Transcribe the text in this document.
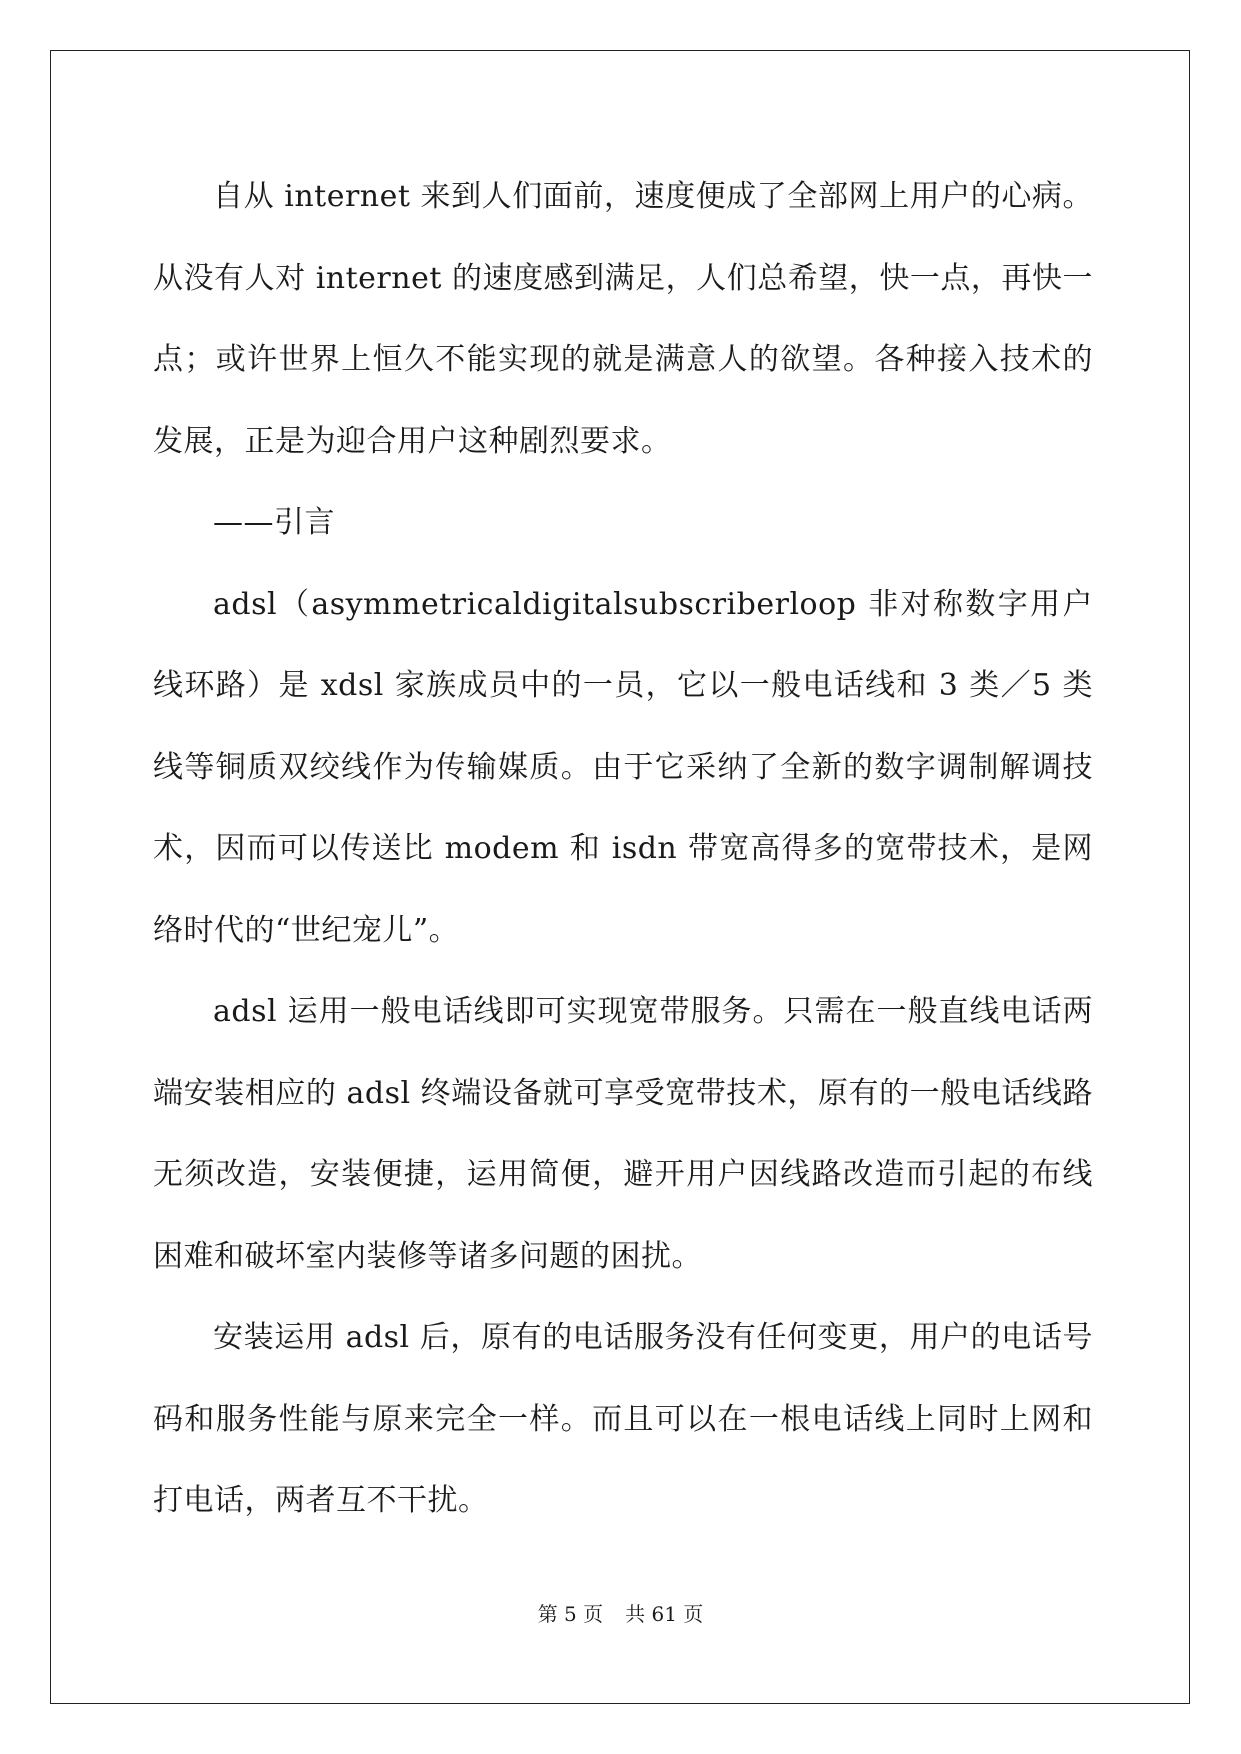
自从 internet 来到人们面前，速度便成了全部网上用户的心病。从没有人对 internet 的速度感到满足，人们总希望，快一点，再快一点；或许世界上恒久不能实现的就是满意人的欲望。各种接入技术的发展，正是为迎合用户这种剧烈要求。

——引言

adsl（asymmetricaldigitalsubscriberloop 非对称数字用户线环路）是 xdsl 家族成员中的一员，它以一般电话线和 3 类／5 类线等铜质双绞线作为传输媒质。由于它采纳了全新的数字调制解调技术，因而可以传送比 modem 和 isdn 带宽高得多的宽带技术，是网络时代的“世纪宠儿”。

adsl 运用一般电话线即可实现宽带服务。只需在一般直线电话两端安装相应的 adsl 终端设备就可享受宽带技术，原有的一般电话线路无须改造，安装便捷，运用简便，避开用户因线路改造而引起的布线困难和破坏室内装修等诸多问题的困扰。

安装运用 adsl 后，原有的电话服务没有任何变更，用户的电话号码和服务性能与原来完全一样。而且可以在一根电话线上同时上网和打电话，两者互不干扰。

第 5 页 共 61 页
